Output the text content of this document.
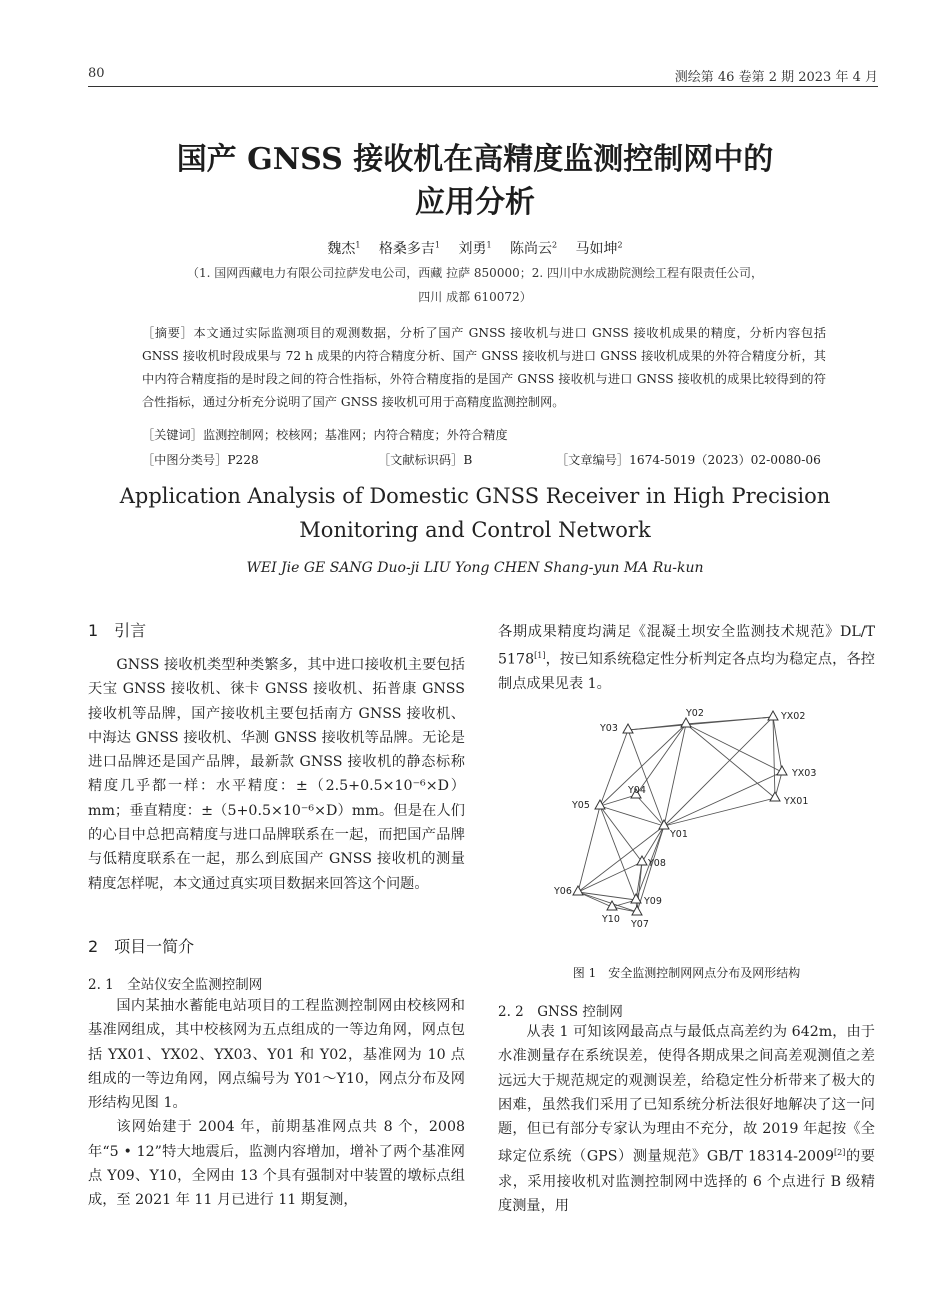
80	测绘第 46 卷第 2 期 2023 年 4 月
国产 GNSS 接收机在高精度监测控制网中的
应用分析
魏杰$^1$　 格桑多吉$^1$　 刘勇$^1$　 陈尚云$^2$　 马如坤$^2$
（1. 国网西藏电力有限公司拉萨发电公司，西藏 拉萨 850000；2. 四川中水成勘院测绘工程有限责任公司，
四川 成都 610072）
［摘要］本文通过实际监测项目的观测数据，分析了国产 GNSS 接收机与进口 GNSS 接收机成果的精度，分析内容包括 GNSS 接收机时段成果与 72 h 成果的内符合精度分析、国产 GNSS 接收机与进口 GNSS 接收机成果的外符合精度分析，其中内符合精度指的是时段之间的符合性指标，外符合精度指的是国产 GNSS 接收机与进口 GNSS 接收机的成果比较得到的符合性指标，通过分析充分说明了国产 GNSS 接收机可用于高精度监测控制网。
［关键词］监测控制网；校核网；基准网；内符合精度；外符合精度
［中图分类号］P228	［文献标识码］B	［文章编号］1674-5019（2023）02-0080-06
Application Analysis of Domestic GNSS Receiver in High Precision
Monitoring and Control Network
WEI Jie GE SANG Duo-ji LIU Yong CHEN Shang-yun MA Ru-kun
1　引言

GNSS 接收机类型种类繁多，其中进口接收机主要包括天宝 GNSS 接收机、徕卡 GNSS 接收机、拓普康 GNSS 接收机等品牌，国产接收机主要包括南方 GNSS 接收机、中海达 GNSS 接收机、华测 GNSS 接收机等品牌。无论是进口品牌还是国产品牌，最新款 GNSS 接收机的静态标称精度几乎都一样：水平精度：±（2.5+0.5×10⁻⁶×D）mm；垂直精度：±（5+0.5×10⁻⁶×D）mm。但是在人们的心目中总把高精度与进口品牌联系在一起，而把国产品牌与低精度联系在一起，那么到底国产 GNSS 接收机的测量精度怎样呢，本文通过真实项目数据来回答这个问题。

2　项目一简介
2. 1　全站仪安全监测控制网

国内某抽水蓄能电站项目的工程监测控制网由校核网和基准网组成，其中校核网为五点组成的一等边角网，网点包括 YX01、YX02、YX03、Y01 和 Y02，基准网为 10 点组成的一等边角网，网点编号为 Y01～Y10，网点分布及网形结构见图 1。

该网始建于 2004 年，前期基准网点共 8 个，2008 年“5 • 12”特大地震后，监测内容增加，增补了两个基准网点 Y09、Y10，全网由 13 个具有强制对中装置的墩标点组成，至 2021 年 11 月已进行 11 期复测，

各期成果精度均满足《混凝土坝安全监测技术规范》DL/T 5178[1]，按已知系统稳定性分析判定各点均为稳定点，各控制点成果见表 1。

Y03
Y02	YX02
YX03
YX01
Y04
Y05
Y01
Y08
Y06
Y09
Y10 Y07
图 1　安全监测控制网网点分布及网形结构
2. 2　GNSS 控制网

从表 1 可知该网最高点与最低点高差约为 642m，由于水准测量存在系统误差，使得各期成果之间高差观测值之差远远大于规范规定的观测误差，给稳定性分析带来了极大的困难，虽然我们采用了已知系统分析法很好地解决了这一问题，但已有部分专家认为理由不充分，故 2019 年起按《全球定位系统（GPS）测量规范》GB/T 18314-2009[2]的要求，采用接收机对监测控制网中选择的 6 个点进行 B 级精度测量，用
